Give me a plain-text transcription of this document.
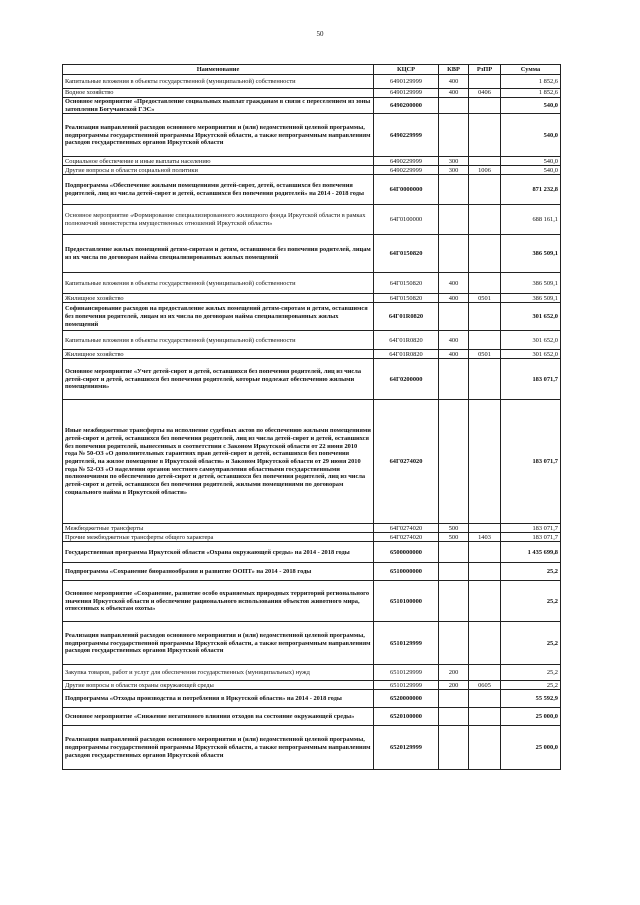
50
Наименование	КЦСР	КВР	РзПР	Сумма
Капитальные вложения в объекты государственной (муниципальной) собственности	6490129999	400		1 852,6
Водное хозяйство	6490129999	400	0406	1 852,6
Основное мероприятие «Предоставление социальных выплат гражданам в связи с переселением из зоны затопления Богучанской ГЭС»	6490200000			540,0
Реализация направлений расходов основного мероприятия и (или) ведомственной целевой программы, подпрограммы государственной программы Иркутской области, а также непрограммным направлениям расходов государственных органов Иркутской области	6490229999			540,0
Социальное обеспечение и иные выплаты населению	6490229999	300		540,0
Другие вопросы в области социальной политики	6490229999	300	1006	540,0
Подпрограмма «Обеспечение жилыми помещениями детей-сирот, детей, оставшихся без попечения родителей, лиц из числа детей-сирот и детей, оставшихся без попечения родителей» на 2014 - 2018 годы	64Г0000000			871 232,8
Основное мероприятие «Формирование специализированного жилищного фонда Иркутской области в рамках полномочий министерства имущественных отношений Иркутской области»	64Г0100000			688 161,1
Предоставление жилых помещений детям-сиротам и детям, оставшимся без попечения родителей, лицам из их числа по договорам найма специализированных жилых помещений	64Г0150820			386 509,1
Капитальные вложения в объекты государственной (муниципальной) собственности	64Г0150820	400		386 509,1
Жилищное хозяйство	64Г0150820	400	0501	386 509,1
Софинансирование расходов на предоставление жилых помещений детям-сиротам и детям, оставшимся без попечения родителей, лицам из их числа по договорам найма специализированных жилых помещений	64Г01R0820			301 652,0
Капитальные вложения в объекты государственной (муниципальной) собственности	64Г01R0820	400		301 652,0
Жилищное хозяйство	64Г01R0820	400	0501	301 652,0
Основное мероприятие «Учет детей-сирот и детей, оставшихся без попечения родителей, лиц из числа детей-сирот и детей, оставшихся без попечения родителей, которые подлежат обеспечению жилыми помещениями»	64Г0200000			183 071,7
Иные межбюджетные трансферты на исполнение судебных актов по обеспечению жилыми помещениями детей-сирот и детей, оставшихся без попечения родителей, лиц из числа детей-сирот и детей, оставшихся без попечения родителей, вынесенных в соответствии с Законом Иркутской области от 22 июня 2010 года № 50-ОЗ «О дополнительных гарантиях прав детей-сирот и детей, оставшихся без попечения родителей, на жилое помещение в Иркутской области» и Законом Иркутской области от 29 июня 2010 года № 52-ОЗ «О наделении органов местного самоуправления областными государственными полномочиями по обеспечению детей-сирот и детей, оставшихся без попечения родителей, лиц из числа детей-сирот и детей, оставшихся без попечения родителей, жилыми помещениями по договорам социального найма в Иркутской области»	64Г0274020			183 071,7
Межбюджетные трансферты	64Г0274020	500		183 071,7
Прочие межбюджетные трансферты общего характера	64Г0274020	500	1403	183 071,7
Государственная программа Иркутской области «Охрана окружающей среды» на 2014 - 2018 годы	6500000000			1 435 699,8
Подпрограмма «Сохранение биоразнообразия и развитие ООПТ» на 2014 - 2018 годы	6510000000			25,2
Основное мероприятие «Сохранение, развитие особо охраняемых природных территорий регионального значения Иркутской области и обеспечение рационального использования объектов животного мира, отнесенных к объектам охоты»	6510100000			25,2
Реализация направлений расходов основного мероприятия и (или) ведомственной целевой программы, подпрограммы государственной программы Иркутской области, а также непрограммным направлениям расходов государственных органов Иркутской области	6510129999			25,2
Закупка товаров, работ и услуг для обеспечения государственных (муниципальных) нужд	6510129999	200		25,2
Другие вопросы в области охраны окружающей среды	6510129999	200	0605	25,2
Подпрограмма «Отходы производства и потребления в Иркутской области» на 2014 - 2018 годы	6520000000			55 592,9
Основное мероприятие «Снижение негативного влияния отходов на состояние окружающей среды»	6520100000			25 000,0
Реализация направлений расходов основного мероприятия и (или) ведомственной целевой программы, подпрограммы государственной программы Иркутской области, а также непрограммным направлениям расходов государственных органов Иркутской области	6520129999			25 000,0
